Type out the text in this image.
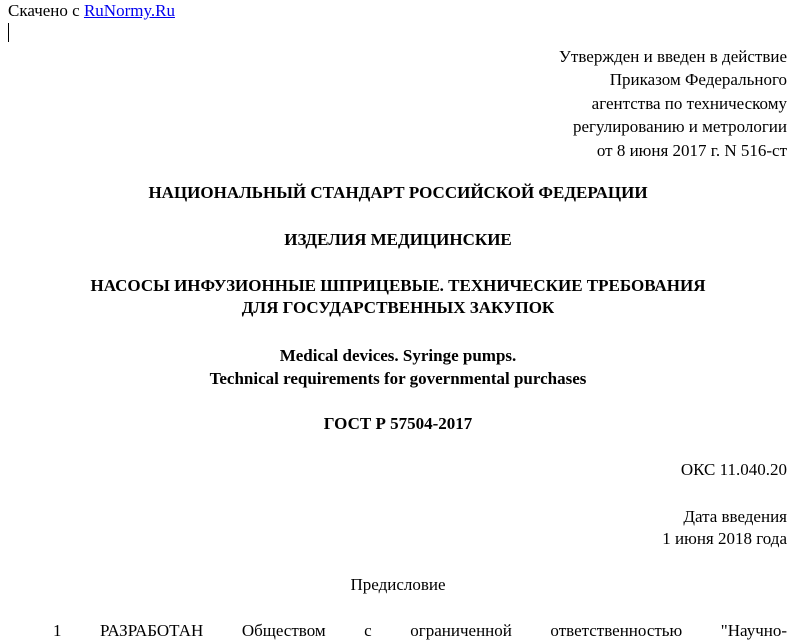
Скачено с RuNormy.Ru
Утвержден и введен в действие
Приказом Федерального
агентства по техническому
регулированию и метрологии
от 8 июня 2017 г. N 516-ст
НАЦИОНАЛЬНЫЙ СТАНДАРТ РОССИЙСКОЙ ФЕДЕРАЦИИ
ИЗДЕЛИЯ МЕДИЦИНСКИЕ
НАСОСЫ ИНФУЗИОННЫЕ ШПРИЦЕВЫЕ. ТЕХНИЧЕСКИЕ ТРЕБОВАНИЯ
ДЛЯ ГОСУДАРСТВЕННЫХ ЗАКУПОК
Medical devices. Syringe pumps.
Technical requirements for governmental purchases
ГОСТ Р 57504-2017
ОКС 11.040.20
Дата введения
1 июня 2018 года
Предисловие
1 РАЗРАБОТАН Обществом с ограниченной ответственностью "Научно-
